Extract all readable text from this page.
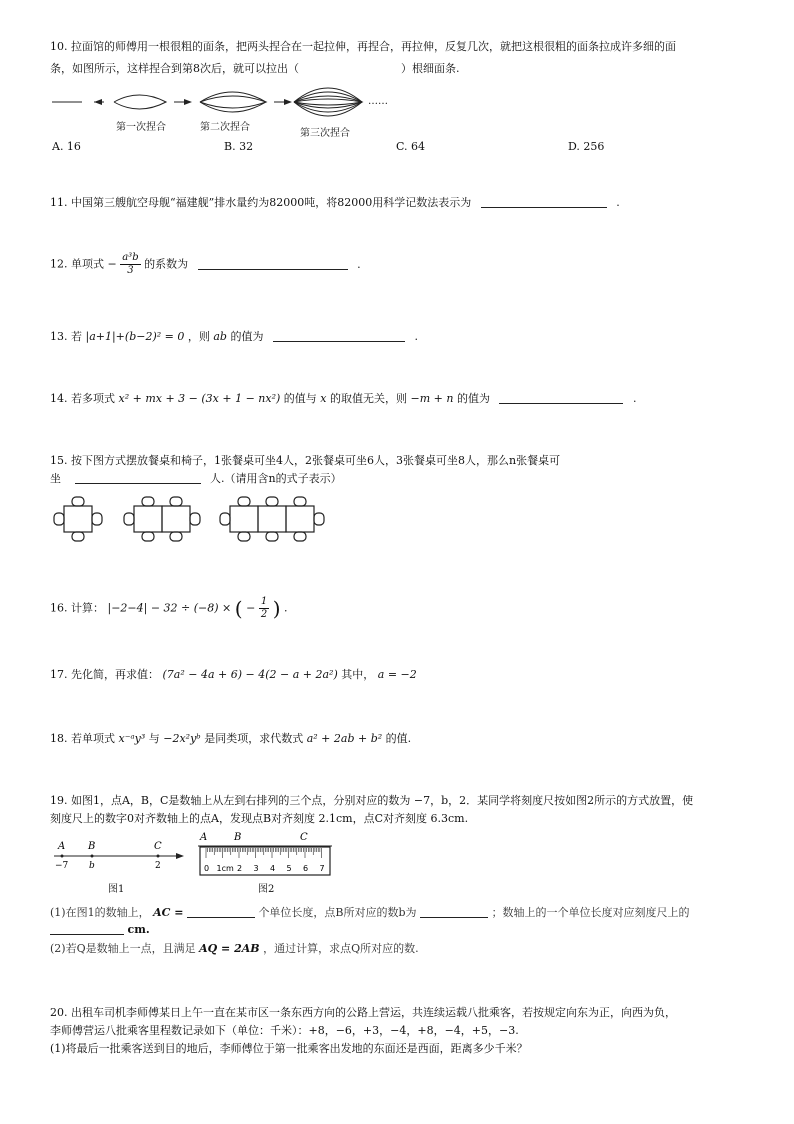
10. 拉面馆的师傅用一根很粗的面条，把两头捏合在一起拉伸，再捏合，再拉伸，反复几次，就把这根很粗的面条拉成许多细的面
条，如图所示，这样捏合到第8次后，就可以拉出（	）根细面条.
……
第一次捏合	第二次捏合
第三次捏合
A. 16	B. 32	C. 64	D. 256
11. 中国第三艘航空母舰“福建舰”排水量约为82000吨，将82000用科学记数法表示为	.
12. 单项式 − $\frac{\text{a³b}}{3}$ 的系数为	.
13. 若 |a+1|+(b−2)² = 0 ，则 ab 的值为	.
14. 若多项式 x² + mx + 3 − (3x + 1 − nx²) 的值与 x 的取值无关，则 −m + n 的值为	.
15. 按下图方式摆放餐桌和椅子，1张餐桌可坐4人，2张餐桌可坐6人，3张餐桌可坐8人，那么n张餐桌可
坐	人.（请用含n的式子表示）
16. 计算： |−2−4| − 32 ÷ (−8) × ( − $\frac{1}{2}$ ) .
17. 先化简，再求值： (7a² − 4a + 6) − 4(2 − a + 2a²) 其中， a = −2
18. 若单项式 x⁻ᵃy³ 与 −2x²yᵇ 是同类项，求代数式 a² + 2ab + b² 的值.
19. 如图1，点A，B，C是数轴上从左到右排列的三个点，分别对应的数为 −7，b，2．某同学将刻度尺按如图2所示的方式放置，使
刻度尺上的数字0对齐数轴上的点A，发现点B对齐刻度 2.1cm，点C对齐刻度 6.3cm.
A B	C
−7 b	2
A	B	C
0 1cm 2 3 4 5 6 7
图1	图2
(1)在图1的数轴上， AC =	个单位长度，点B所对应的数b为	；数轴上的一个单位长度对应刻度尺上的
cm.
(2)若Q是数轴上一点，且满足 AQ = 2AB ，通过计算，求点Q所对应的数.
20. 出租车司机李师傅某日上午一直在某市区一条东西方向的公路上营运，共连续运载八批乘客，若按规定向东为正，向西为负，
李师傅营运八批乘客里程数记录如下（单位：千米）：+8，−6，+3，−4，+8，−4，+5，−3.
(1)将最后一批乘客送到目的地后，李师傅位于第一批乘客出发地的东面还是西面，距离多少千米？
